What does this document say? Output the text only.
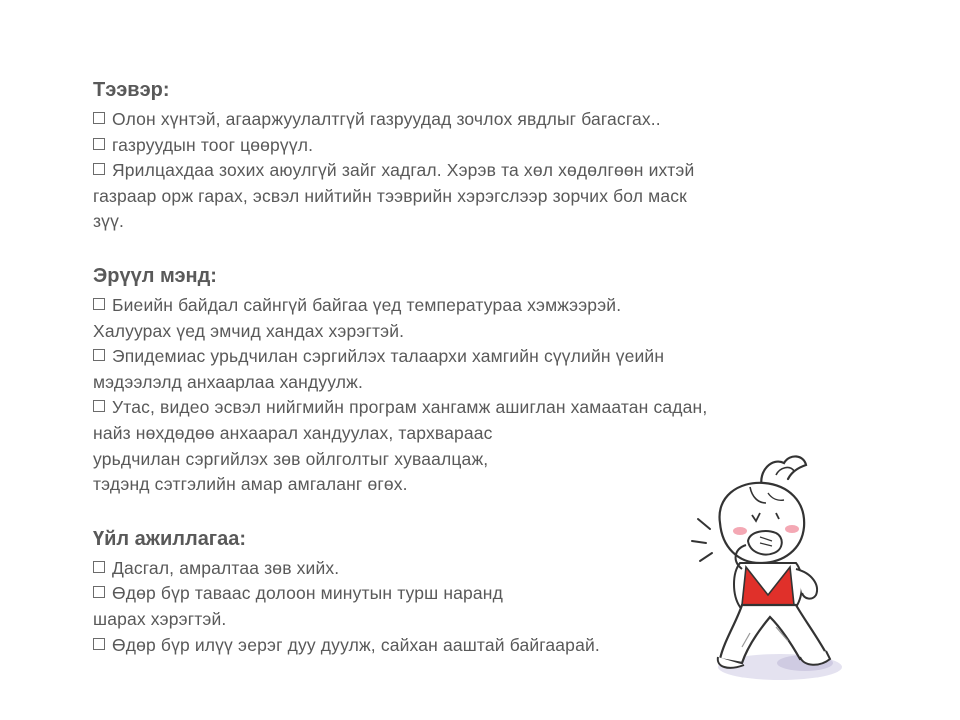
Тээвэр:
Олон хүнтэй, агааржуулалтгүй газруудад зочлох явдлыг багасгах..
газруудын тоог цөөрүүл.
Ярилцахдаа зохих аюулгүй зайг хадгал. Хэрэв та хөл хөдөлгөөн ихтэй
газраар орж гарах, эсвэл нийтийн тээврийн хэрэгслээр зорчих бол маск
зүү.
Эрүүл мэнд:
Биеийн байдал сайнгүй байгаа үед температураа хэмжээрэй.
Халуурах үед эмчид хандах хэрэгтэй.
Эпидемиас урьдчилан сэргийлэх талаархи хамгийн сүүлийн үеийн
мэдээлэлд анхаарлаа хандуулж.
Утас, видео эсвэл нийгмийн програм хангамж ашиглан хамаатан садан,
найз нөхдөдөө анхаарал хандуулах, тархвараас
урьдчилан сэргийлэх зөв ойлголтыг хуваалцаж,
тэдэнд сэтгэлийн амар амгаланг өгөх.
Үйл ажиллагаа:
Дасгал, амралтаа зөв хийх.
Өдөр бүр тавааc долоон минутын турш наранд
шарах хэрэгтэй.
Өдөр бүр илүү эерэг дуу дуулж, сайхан ааштай байгаарай.
